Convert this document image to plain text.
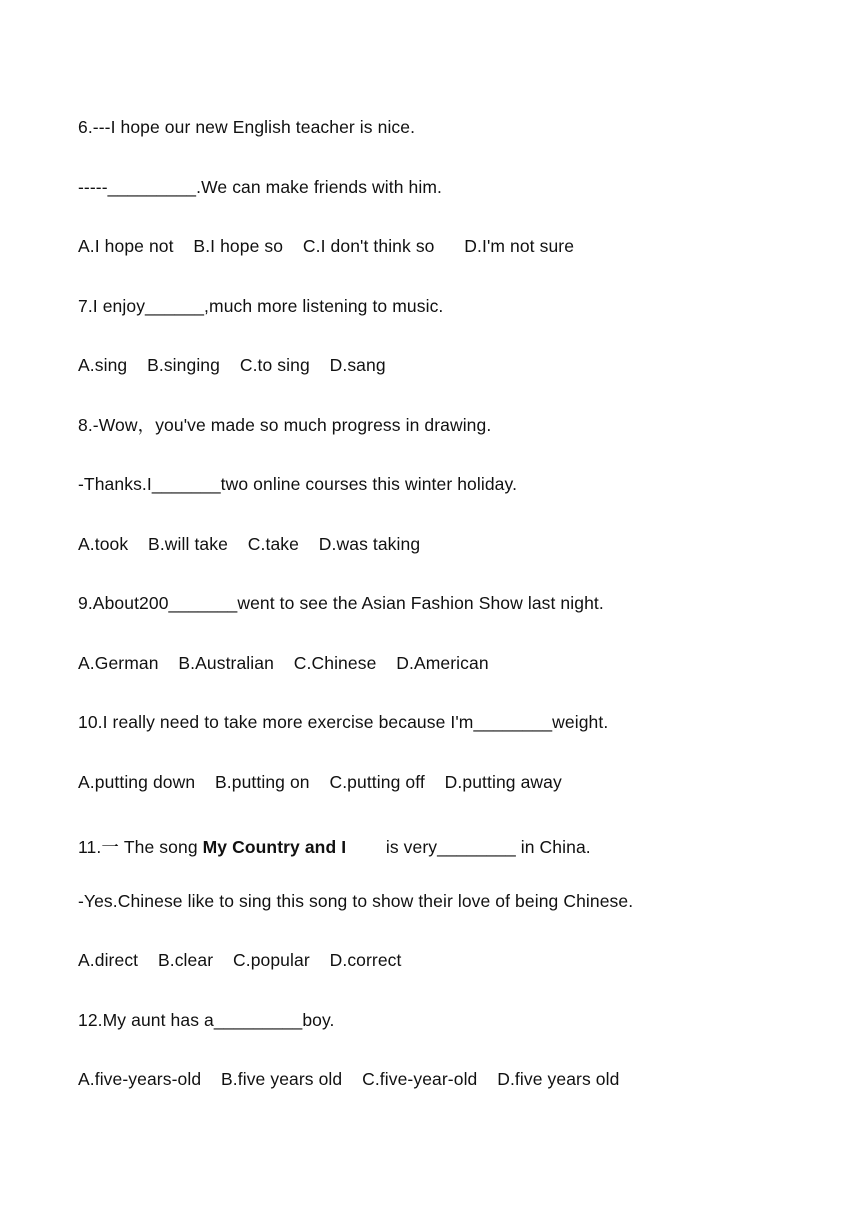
6.---I hope our new English teacher is nice.
-----_________.We can make friends with him.
A.I hope not    B.I hope so    C.I don't think so      D.I'm not sure
7.I enjoy______,much more listening to music.
A.sing    B.singing    C.to sing    D.sang
8.-Wow，you've made so much progress in drawing.
-Thanks.I_______two online courses this winter holiday.
A.took    B.will take    C.take    D.was taking
9.About200_______went to see the Asian Fashion Show last night.
A.German    B.Australian    C.Chinese    D.American
10.I really need to take more exercise because I'm________weight.
A.putting down    B.putting on    C.putting off    D.putting away
11.一 The song My Country and I        is very________ in China.
-Yes.Chinese like to sing this song to show their love of being Chinese.
A.direct    B.clear    C.popular    D.correct
12.My aunt has a_________boy.
A.five-years-old    B.five years old    C.five-year-old    D.five years old
